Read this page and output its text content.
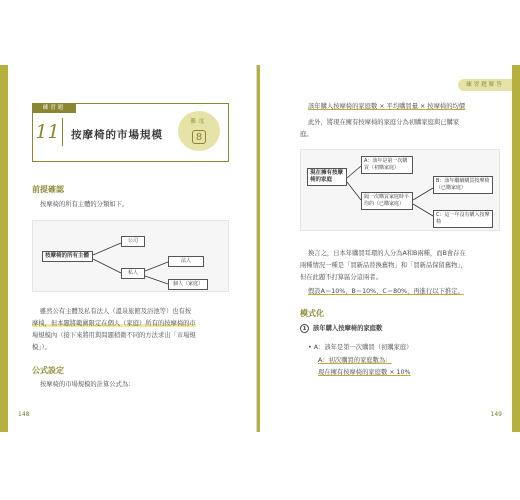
練習題
11	按摩椅的市場規模
難度
8
前提確認
按摩椅的所有主體的分類如下。
按摩椅的所有主體
公司
私人
法人
個人（家庭）
雖然公有主體及私有法人（溫泉旅館及浴池等）也有按
摩椅，但本題將範圍限定在個人（家庭）所有的按摩椅的市
場規模內（接下來將用與問題稍微不同的方法求出「市場規
模」）。
公式設定
按摩椅的市場規模的計算公式為：
148
練習題解答
該年購入按摩椅的家庭數 × 平均購買量 × 按摩椅的均價
此外，將現在擁有按摩椅的家庭分為初購家庭與已購家
庭。
現在擁有按摩椅的家庭
A：該年是第一次購買（初購家庭）
隔一次購買家庭時平均的（已購家庭）
B：該年繼續購買按摩椅（已購家庭）
C：這一年沒有購入按摩椅
換言之，日本年購買耳環的人分為A和B兩種，而B會存在
兩種情況一種是「買新品替換舊物」和「買新品保留舊物」，
但在此題不打算區分這兩者。
假設A＝10%、B＝10%、C＝80%，再進行以下推定。
模式化
1 該年購入按摩椅的家庭數
• A：該年是第一次購買（初購家庭）
A：初次購買的家庭數為：
現在擁有按摩椅的家庭數 × 10%
149
